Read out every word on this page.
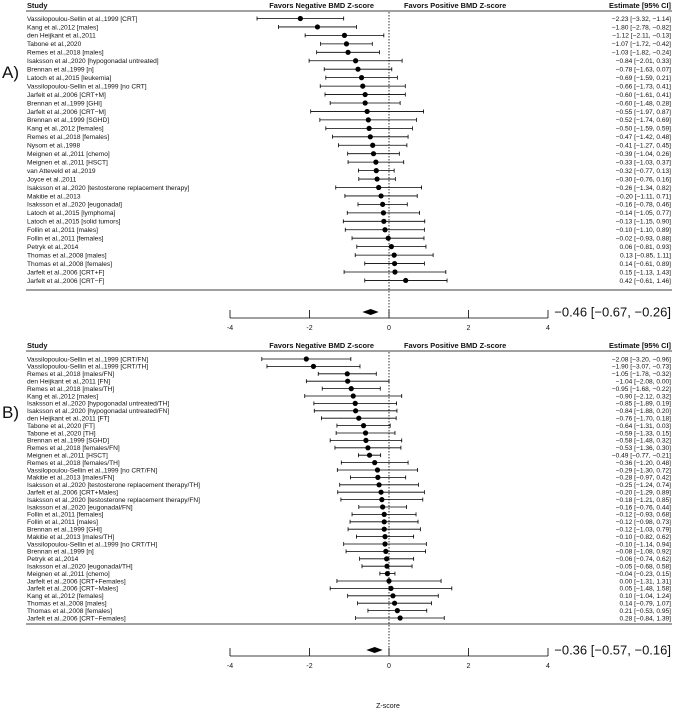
A)
B)
Study	Favors Negative BMD Z-score	Favors Positive BMD Z-score	Estimate [95% CI]
Vassilopoulou-Sellin et al.,1999 [CRT]	−2.23 [−3.32, −1.14]
Kang et al.,2012 [males]	−1.80 [−2.78, −0.82]
den Heijkant et al.,2011	−1.12 [−2.11, −0.13]
Tabone et al.,2020	−1.07 [−1.72, −0.42]
Remes et al.,2018 [males]	−1.03 [−1.82, −0.24]
Isaksson et al.,2020 [hypogonadal untreated]	−0.84 [−2.01, 0.33]
Brennan et al.,1999 [n]	−0.78 [−1.63, 0.07]
Latoch et al.,2015 [leukemia]	−0.69 [−1.59, 0.21]
Vassilopoulou-Sellin et al.,1999 [no CRT]	−0.66 [−1.73, 0.41]
Jarfelt et al.,2006 [CRT+M]	−0.60 [−1.61, 0.41]
Brennan et al.,1999 [GHI]	−0.60 [−1.48, 0.28]
Jarfelt et al.,2006 [CRT−M]	−0.55 [−1.97, 0.87]
Brennan et al.,1999 [SGHD]	−0.52 [−1.74, 0.69]
Kang et al.,2012 [females]	−0.50 [−1.59, 0.59]
Remes et al.,2018 [females]	−0.47 [−1.42, 0.48]
Nysom et al.,1998	−0.41 [−1.27, 0.45]
Meignen et al.,2011 [chemo]	−0.39 [−1.04, 0.26]
Meignen et al.,2011 [HSCT]	−0.33 [−1.03, 0.37]
van Atteveld et al.,2019	−0.32 [−0.77, 0.13]
Joyce et al.,2011	−0.30 [−0.76, 0.16]
Isaksson et al.,2020 [testosterone replacement therapy]	−0.26 [−1.34, 0.82]
Makitie et al.,2013	−0.20 [−1.11, 0.71]
Isaksson et al.,2020 [eugonadal]	−0.16 [−0.78, 0.46]
Latoch et al.,2015 [lymphoma]	−0.14 [−1.05, 0.77]
Latoch et al.,2015 [solid tumors]	−0.13 [−1.15, 0.90]
Follin et al.,2011 [males]	−0.10 [−1.10, 0.89]
Follin et al.,2011 [females]	−0.02 [−0.93, 0.88]
Petryk et al.,2014	0.06 [−0.81, 0.93]
Thomas et al.,2008 [males]	0.13 [−0.85, 1.11]
Thomas et al.,2008 [females]	0.14 [−0.61, 0.89]
Jarfelt et al.,2006 [CRT+F]	0.15 [−1.13, 1.43]
Jarfelt et al.,2006 [CRT−F]	0.42 [−0.61, 1.46]
−0.46 [−0.67, −0.26]
-4	-2	0	2	4
Study	Favors Negative BMD Z-score	Favors Positive BMD Z-score	Estimate [95% CI]
Vassilopoulou-Sellin et al.,1999 [CRT/FN]	−2.08 [−3.20, −0.96]
Vassilopoulou-Sellin et al.,1999 [CRT/TH]	−1.90 [−3.07, −0.73]
Remes et al.,2018 [males/FN]	−1.05 [−1.78, −0.32]
den Heijkant et al.,2011 [FN]	−1.04 [−2.08, 0.00]
Remes et al.,2018 [males/TH]	−0.95 [−1.68, −0.22]
Kang et al.,2012 [males]	−0.90 [−2.12, 0.32]
Isaksson et al.,2020 [hypogonadal untreated/TH]	−0.85 [−1.89, 0.19]
Isaksson et al.,2020 [hypogonadal untreated/FN]	−0.84 [−1.88, 0.20]
den Heijkant et al.,2011 [FT]	−0.76 [−1.70, 0.18]
Tabone et al.,2020 [FT]	−0.64 [−1.31, 0.03]
Tabone et al.,2020 [TH]	−0.59 [−1.33, 0.15]
Brennan et al.,1999 [SGHD]	−0.58 [−1.48, 0.32]
Remes et al.,2018 [females/FN]	−0.53 [−1.36, 0.30]
Meignen et al.,2011 [HSCT]	−0.49 [−0.77, −0.21]
Remes et al.,2018 [females/TH]	−0.36 [−1.20, 0.48]
Vassilopoulou-Sellin et al.,1999 [no CRT/FN]	−0.29 [−1.30, 0.72]
Makitie et al.,2013 [males/FN]	−0.28 [−0.97, 0.42]
Isaksson et al.,2020 [testosterone replacement therapy/TH]	−0.25 [−1.24, 0.74]
Jarfelt et al.,2006 [CRT+Males]	−0.20 [−1.29, 0.89]
Isaksson et al.,2020 [testosterone replacement therapy/FN]	−0.18 [−1.21, 0.85]
Isaksson et al.,2020 [eugonadal/FN]	−0.16 [−0.76, 0.44]
Follin et al.,2011 [females]	−0.12 [−0.93, 0.68]
Follin et al.,2011 [males]	−0.12 [−0.98, 0.73]
Brennan et al.,1999 [GHI]	−0.12 [−1.03, 0.79]
Makitie et al.,2013 [males/TH]	−0.10 [−0.82, 0.62]
Vassilopoulou-Sellin et al.,1999 [no CRT/TH]	−0.10 [−1.14, 0.94]
Brennan et al.,1999 [n]	−0.08 [−1.08, 0.92]
Petryk et al.,2014	−0.06 [−0.74, 0.62]
Isaksson et al.,2020 [eugonadal/TH]	−0.05 [−0.68, 0.58]
Meignen et al.,2011 [chemo]	−0.04 [−0.23, 0.15]
Jarfelt et al.,2006 [CRT+Females]	0.00 [−1.31, 1.31]
Jarfelt et al.,2006 [CRT−Males]	0.05 [−1.48, 1.58]
Kang et al.,2012 [females]	0.10 [−1.04, 1.24]
Thomas et al.,2008 [males]	0.14 [−0.79, 1.07]
Thomas et al.,2008 [females]	0.21 [−0.53, 0.95]
Jarfelt et al.,2006 [CRT−Females]	0.28 [−0.84, 1.39]
−0.36 [−0.57, −0.16]
-4	-2	0	2	4
Z-score
